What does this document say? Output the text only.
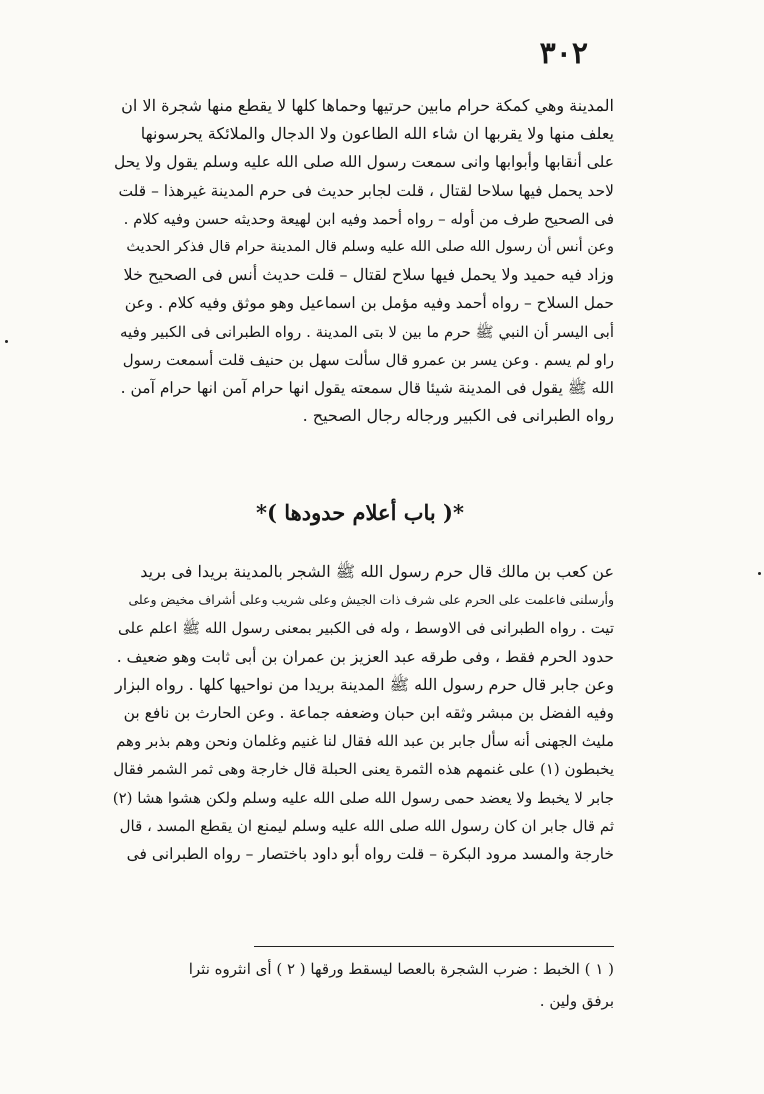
٣٠٢
المدينة وهي كمكة حرام مابين حرتيها وحماها كلها لا يقطع منها شجرة الا ان
يعلف منها ولا يقربها ان شاء الله الطاعون ولا الدجال والملائكة يحرسونها
على أنقابها وأبوابها وانى سمعت رسول الله صلى الله عليه وسلم يقول ولا يحل
لاحد يحمل فيها سلاحا لقتال ، قلت لجابر حديث فى حرم المدينة غيرهذا – قلت
فى الصحيح طرف من أوله – رواه أحمد وفيه ابن لهيعة وحديثه حسن وفيه كلام .
وعن أنس أن رسول الله صلى الله عليه وسلم قال المدينة حرام قال فذكر الحديث
وزاد فيه حميد ولا يحمل فيها سلاح لقتال – قلت حديث أنس فى الصحيح خلا
حمل السلاح – رواه أحمد وفيه مؤمل بن اسماعيل وهو موثق وفيه كلام . وعن
أبى اليسر أن النبي ﷺ حرم ما بين لا بتى المدينة . رواه الطبرانى فى الكبير وفيه
راو لم يسم . وعن يسر بن عمرو قال سألت سهل بن حنيف قلت أسمعت رسول
الله ﷺ يقول فى المدينة شيئا قال سمعته يقول انها حرام آمن انها حرام آمن .
رواه الطبرانى فى الكبير ورجاله رجال الصحيح .
*( باب أعلام حدودها )*
عن كعب بن مالك قال حرم رسول الله ﷺ الشجر بالمدينة بريدا فى بريد
وأرسلنى فاعلمت على الحرم على شرف ذات الجيش وعلى شريب وعلى أشراف مخيض وعلى
تيت . رواه الطبرانى فى الاوسط ، وله فى الكبير بمعنى رسول الله ﷺ اعلم على
حدود الحرم فقط ، وفى طرقه عبد العزيز بن عمران بن أبى ثابت وهو ضعيف .
وعن جابر قال حرم رسول الله ﷺ المدينة بريدا من نواحيها كلها . رواه البزار
وفيه الفضل بن مبشر وثقه ابن حبان وضعفه جماعة . وعن الحارث بن نافع بن
مليث الجهنى أنه سأل جابر بن عبد الله فقال لنا غنيم وغلمان ونحن وهم بذبر وهم
يخبطون (١) على غنمهم هذه الثمرة يعنى الحبلة قال خارجة وهى ثمر الشمر فقال
جابر لا يخبط ولا يعضد حمى رسول الله صلى الله عليه وسلم ولكن هشوا هشا (٢)
ثم قال جابر ان كان رسول الله صلى الله عليه وسلم ليمنع ان يقطع المسد ، قال
خارجة والمسد مرود البكرة – قلت رواه أبو داود باختصار – رواه الطبرانى فى
( ١ ) الخبط : ضرب الشجرة بالعصا ليسقط ورقها ( ٢ ) أى انثروه نثرا
برفق ولين .
